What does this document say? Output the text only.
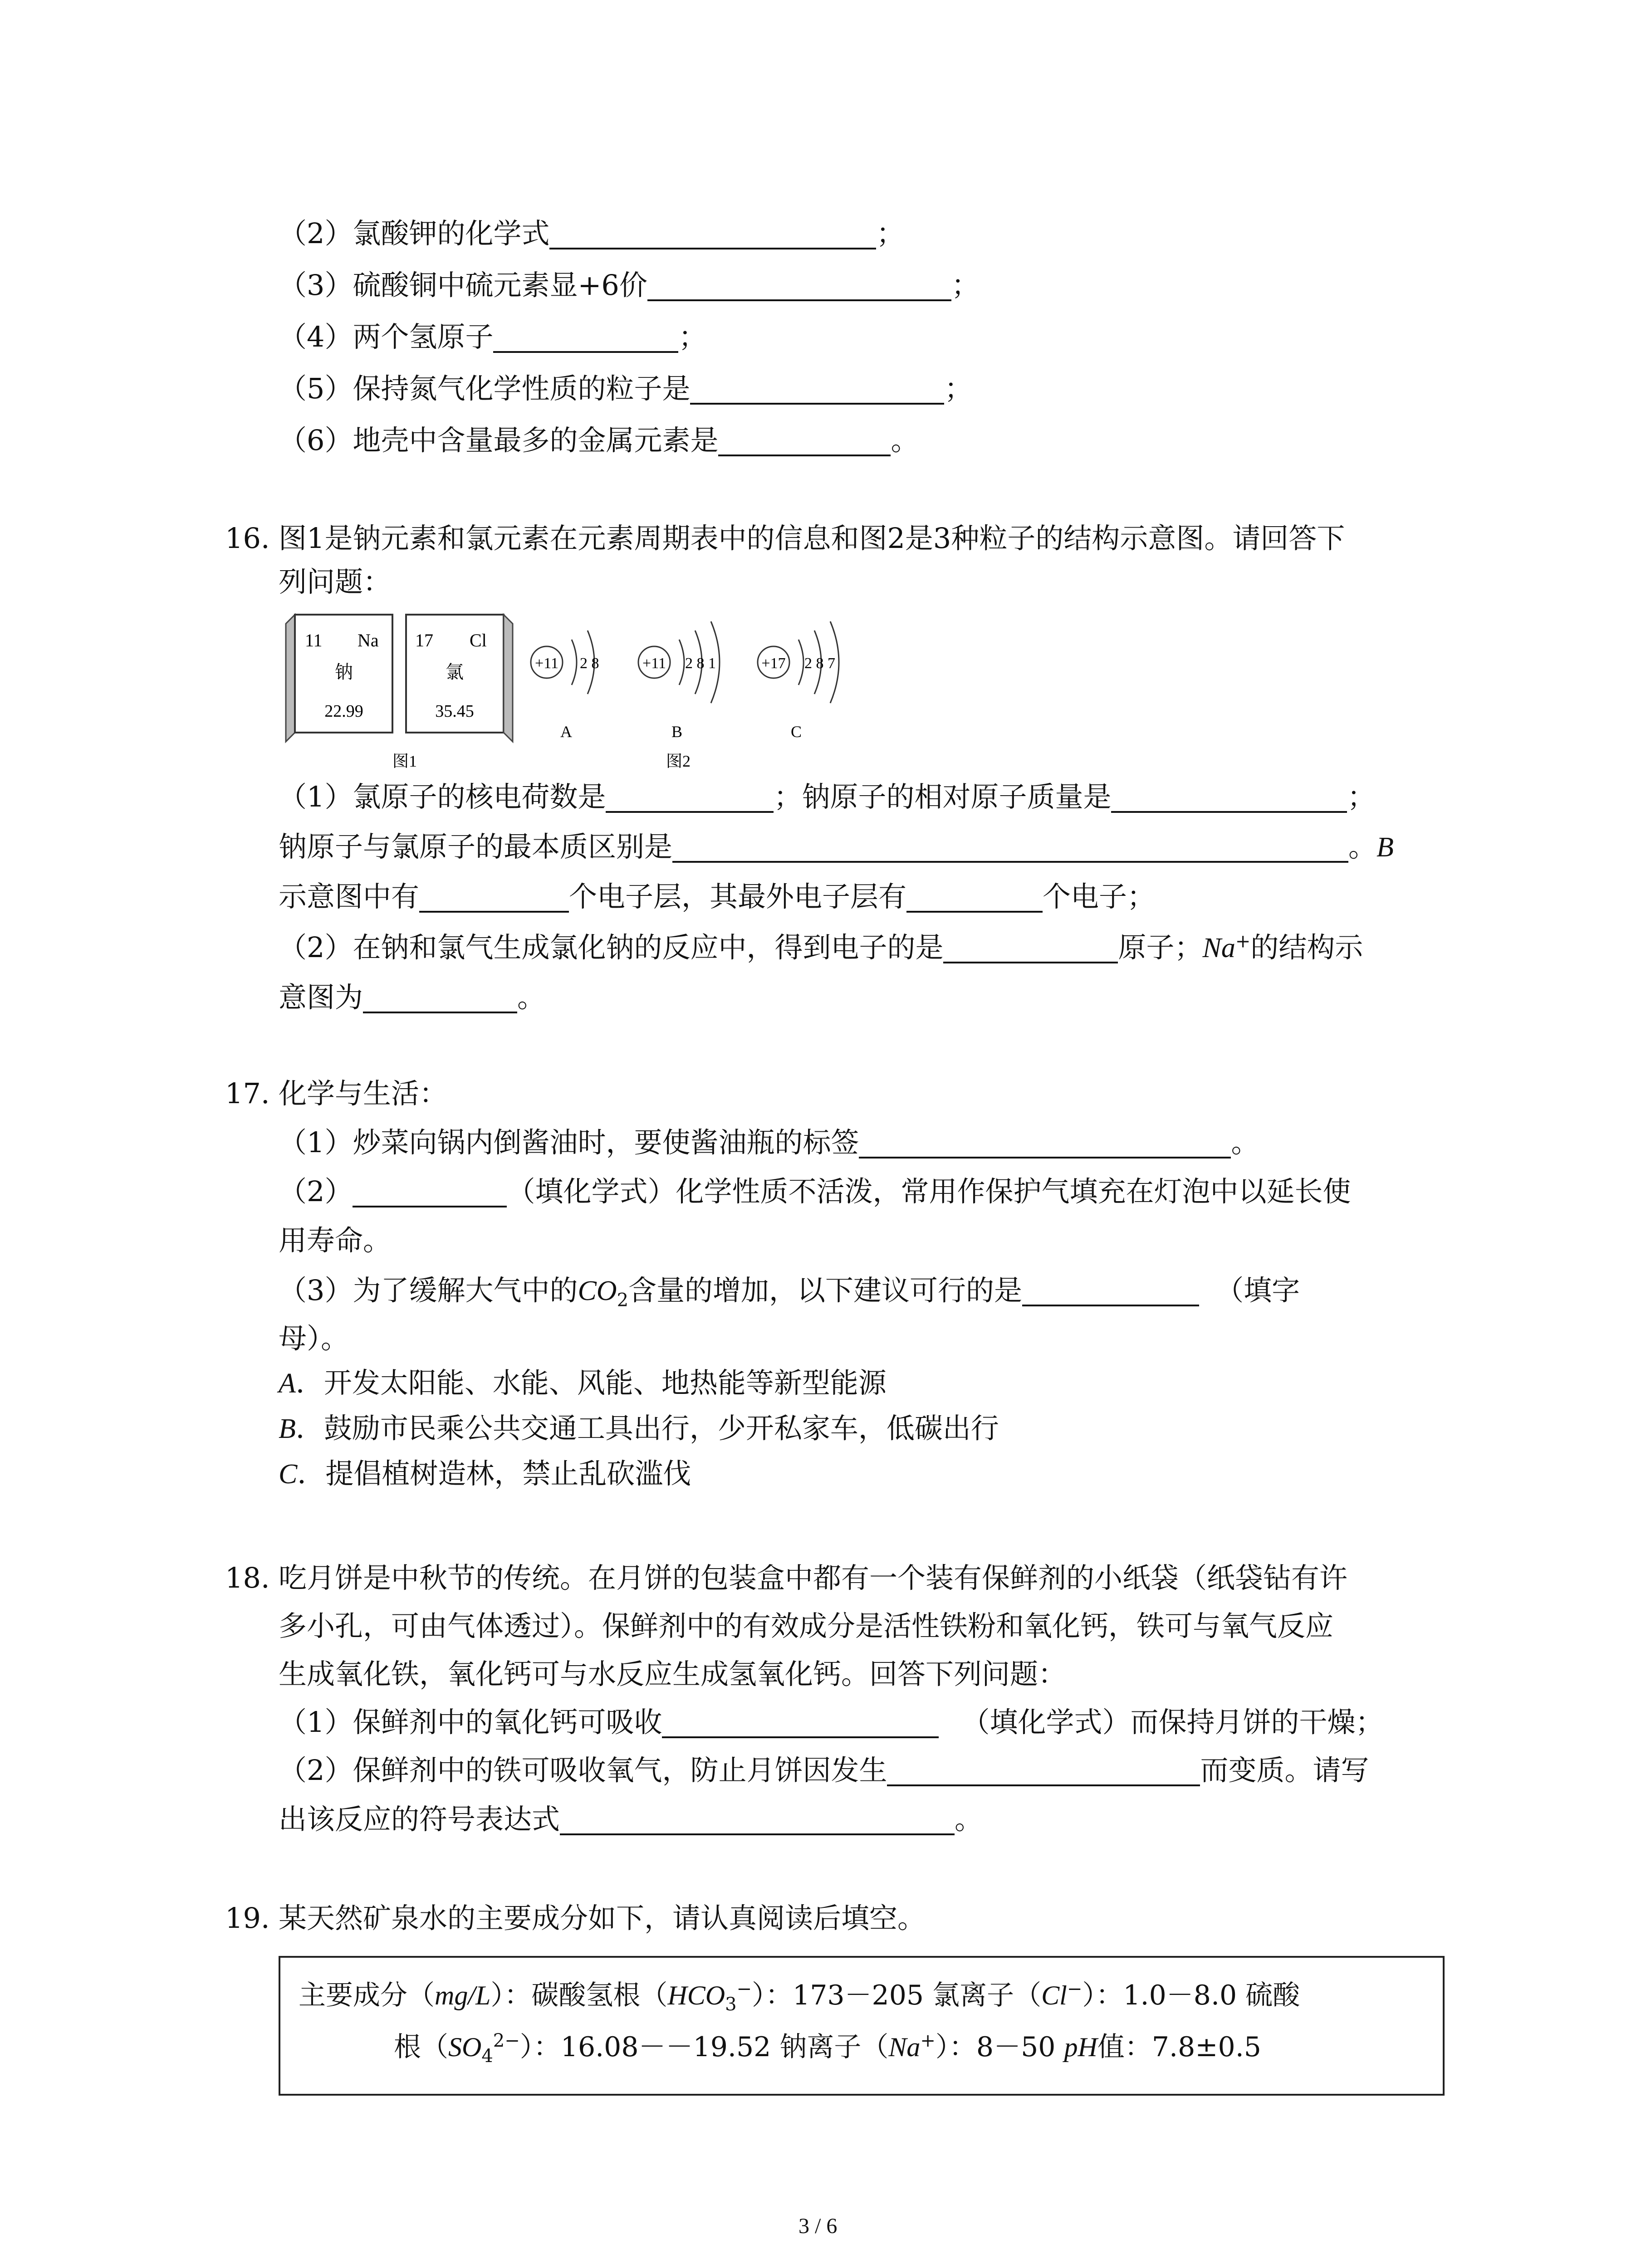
（2）氯酸钾的化学式	；
（3）硫酸铜中硫元素显+6价	；
（4）两个氢原子	；
（5）保持氮气化学性质的粒子是	；
（6）地壳中含量最多的金属元素是	。
16. 图1是钠元素和氯元素在元素周期表中的信息和图2是3种粒子的结构示意图。请回答下
列问题：
11 Na
钠
22.99
17 Cl
氯
35.45
图1
+11 2 8
A
+11 2 8 1
B
+17 2 8 7
C
图2
（1）氯原子的核电荷数是	；钠原子的相对原子质量是	；
钠原子与氯原子的最本质区别是	。B
示意图中有	个电子层，其最外电子层有	个电子；
（2）在钠和氯气生成氯化钠的反应中，得到电子的是	原子；Na+的结构示
意图为	。
17. 化学与生活：
（1）炒菜向锅内倒酱油时，要使酱油瓶的标签	。
（2）	（填化学式）化学性质不活泼，常用作保护气填充在灯泡中以延长使
用寿命。
（3）为了缓解大气中的$CO_2$含量的增加，以下建议可行的是	（填字
母）。
A．开发太阳能、水能、风能、地热能等新型能源
B．鼓励市民乘公共交通工具出行，少开私家车，低碳出行
C．提倡植树造林，禁止乱砍滥伐
18. 吃月饼是中秋节的传统。在月饼的包装盒中都有一个装有保鲜剂的小纸袋（纸袋钻有许
多小孔，可由气体透过）。保鲜剂中的有效成分是活性铁粉和氧化钙，铁可与氧气反应
生成氧化铁，氧化钙可与水反应生成氢氧化钙。回答下列问题：
（1）保鲜剂中的氧化钙可吸收	（填化学式）而保持月饼的干燥；
（2）保鲜剂中的铁可吸收氧气，防止月饼因发生	而变质。请写
出该反应的符号表达式	。
19. 某天然矿泉水的主要成分如下，请认真阅读后填空。
主要成分（mg/L）：碳酸氢根$(HCO_3^-)$：173－205 氯离子（Cl−）：1.0－8.0 硫酸
根$(SO_4^{2-})$：16.08－－19.52 钠离子（Na+）：8－50 pH值：7.8±0.5
3 / 6
